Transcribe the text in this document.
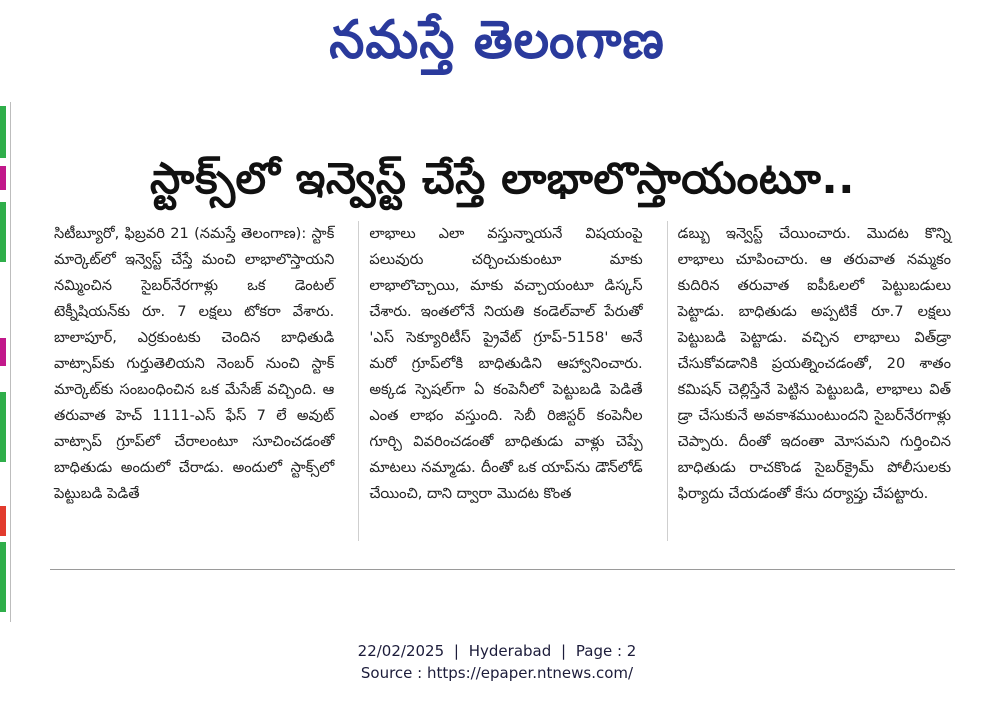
నమస్తే తెలంగాణ
స్టాక్స్‌లో ఇన్వెస్ట్‌ చేస్తే లాభాలొస్తాయంటూ..

సిటీబ్యూరో, ఫిబ్రవరి 21 (నమస్తే తెలంగాణ): స్టాక్‌ మార్కెట్‌లో ఇన్వెస్ట్‌ చేస్తే మంచి లాభాలొస్తాయని నమ్మించిన సైబర్‌నేరగాళ్లు ఒక డెంటల్‌ టెక్నీషియన్‌కు రూ. 7 లక్షలు టోకరా వేశారు. బాలాపూర్‌, ఎర్రకుంటకు చెందిన బాధితుడి వాట్సాప్‌కు గుర్తుతెలియని నెంబర్‌ నుంచి స్టాక్‌ మార్కెట్‌కు సంబంధించిన ఒక మేసేజ్‌ వచ్చింది. ఆ తరువాత హెచ్‌ 1111-ఎస్‌ ఫేస్‌ 7 లే అవుట్‌ వాట్సాప్‌ గ్రూప్‌లో చేరాలంటూ సూచించడంతో బాధితుడు అందులో చేరాడు. అందులో స్టాక్స్‌లో పెట్టుబడి పెడితే

లాభాలు ఎలా వస్తున్నాయనే విషయంపై పలువురు చర్చించుకుంటూ మాకు లాభాలొచ్చాయి, మాకు వచ్చాయంటూ డిస్కస్‌ చేశారు. ఇంతలోనే నియతి కండెల్‌వాల్‌ పేరుతో 'ఎస్‌ సెక్యూరిటీస్‌ ప్రైవేట్‌ గ్రూప్‌-5158' అనే మరో గ్రూప్‌లోకి బాధితుడిని ఆహ్వానించారు. అక్కడ స్పెషల్‌గా ఏ కంపెనీలో పెట్టుబడి పెడితే ఎంత లాభం వస్తుంది. సెబీ రిజిస్టర్‌ కంపెనీల గూర్చి వివరించడంతో బాధితుడు వాళ్లు చెప్పే మాటలు నమ్మాడు. దీంతో ఒక యాప్‌ను డౌన్‌లోడ్‌ చేయించి, దాని ద్వారా మొదట కొంత

డబ్బు ఇన్వెస్ట్‌ చేయించారు. మొదట కొన్ని లాభాలు చూపించారు. ఆ తరువాత నమ్మకం కుదిరిన తరువాత ఐపీఓలలో పెట్టుబడులు పెట్టాడు. బాధితుడు అప్పటికే రూ.7 లక్షలు పెట్టుబడి పెట్టాడు. వచ్చిన లాభాలు విత్‌డ్రా చేసుకోవడానికి ప్రయత్నించడంతో, 20 శాతం కమిషన్‌ చెల్లిస్తేనే పెట్టిన పెట్టుబడి, లాభాలు విత్‌ డ్రా చేసుకునే అవకాశముంటుందని సైబర్‌నేరగాళ్లు చెప్పారు. దీంతో ఇదంతా మోసమని గుర్తించిన బాధితుడు రాచకొండ సైబర్‌క్రైమ్‌ పోలీసులకు ఫిర్యాదు చేయడంతో కేసు దర్యాప్తు చేపట్టారు.

22/02/2025 | Hyderabad | Page : 2
Source : https://epaper.ntnews.com/
